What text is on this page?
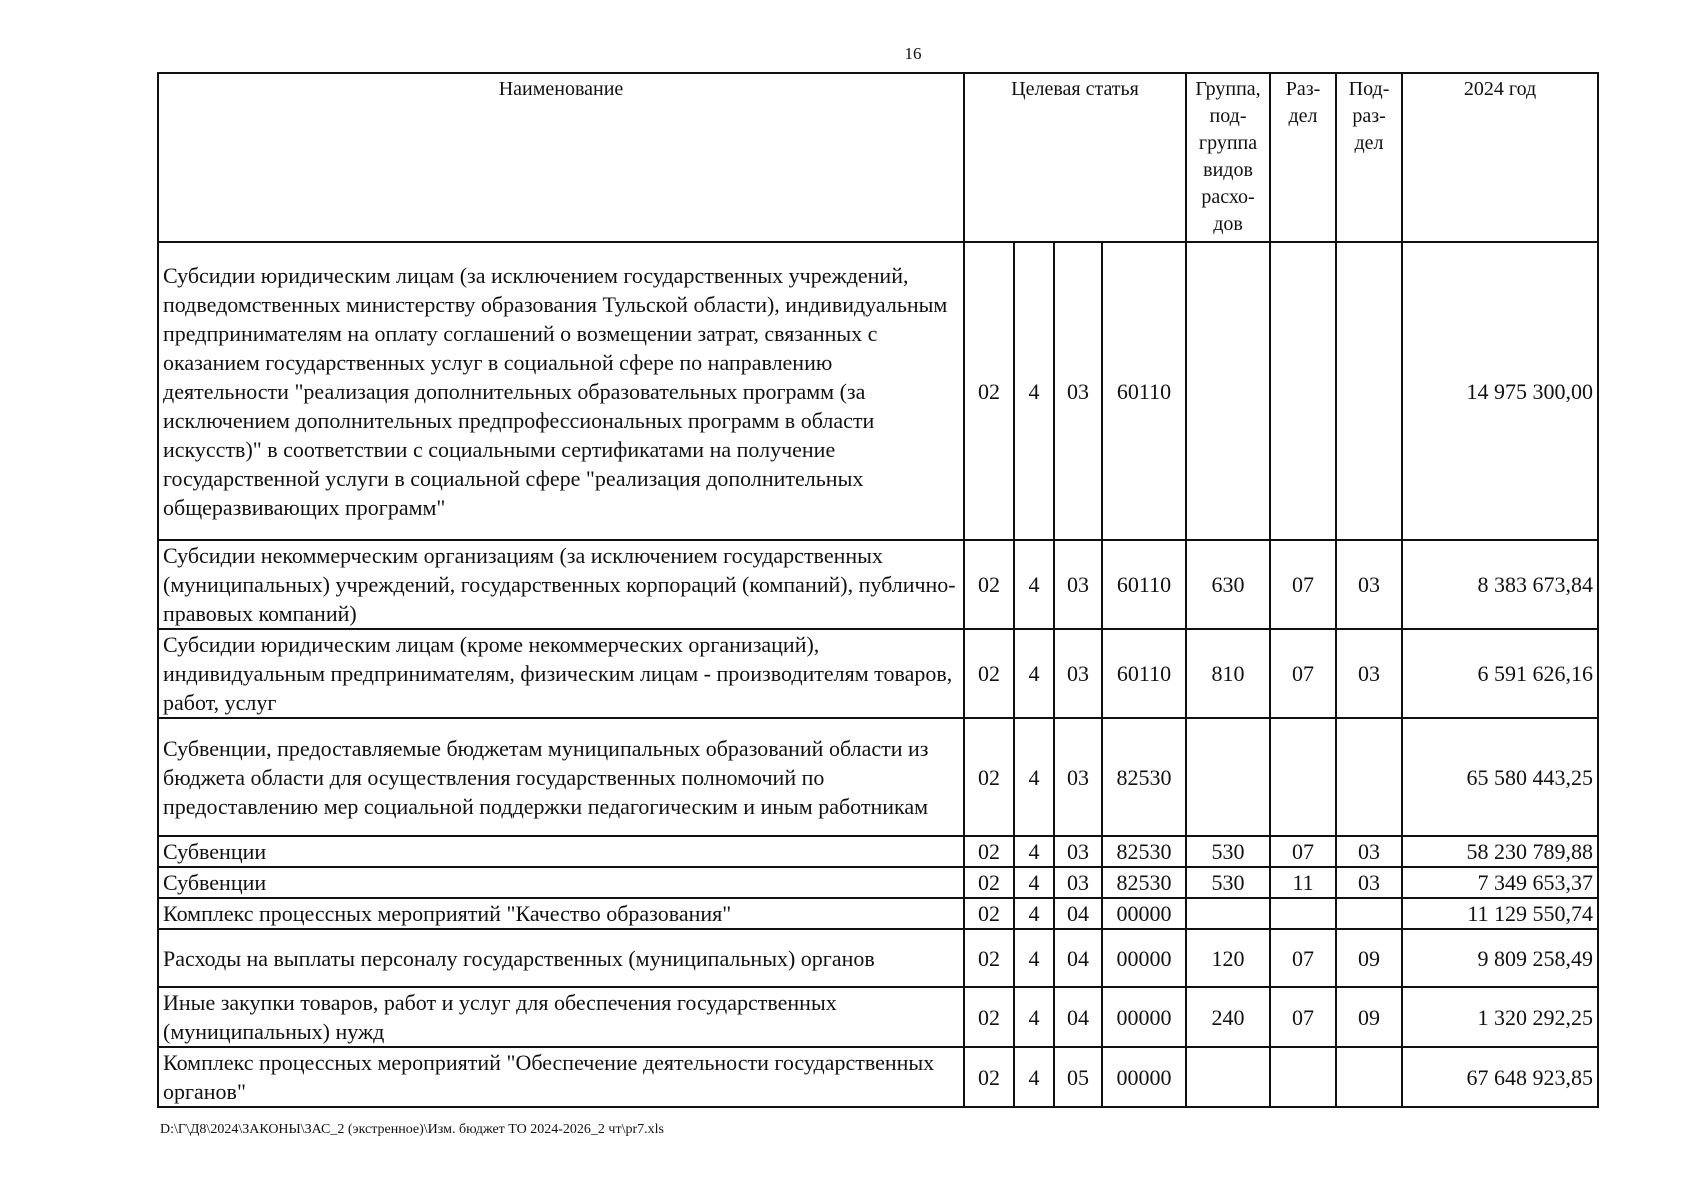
16
Наименование	Целевая статья				Группа, под- группа видов расхо- дов	Раз- дел	Под- раз- дел	2024 год
Субсидии юридическим лицам (за исключением государственных учреждений, подведомственных министерству образования Тульской области), индивидуальным предпринимателям на оплату соглашений о возмещении затрат, связанных с оказанием государственных услуг в социальной сфере по направлению деятельности "реализация дополнительных образовательных программ (за исключением дополнительных предпрофессиональных программ в области искусств)" в соответствии с социальными сертификатами на получение государственной услуги в социальной сфере "реализация дополнительных общеразвивающих программ"	02	4	03	60110				14 975 300,00
Субсидии некоммерческим организациям (за исключением государственных (муниципальных) учреждений, государственных корпораций (компаний), публично-правовых компаний)	02	4	03	60110	630	07	03	8 383 673,84
Субсидии юридическим лицам (кроме некоммерческих организаций), индивидуальным предпринимателям, физическим лицам - производителям товаров, работ, услуг	02	4	03	60110	810	07	03	6 591 626,16
Субвенции, предоставляемые бюджетам муниципальных образований области из бюджета области для осуществления государственных полномочий по предоставлению мер социальной поддержки педагогическим и иным работникам	02	4	03	82530				65 580 443,25
Субвенции	02	4	03	82530	530	07	03	58 230 789,88
Субвенции	02	4	03	82530	530	11	03	7 349 653,37
Комплекс процессных мероприятий "Качество образования"	02	4	04	00000				11 129 550,74
Расходы на выплаты персоналу государственных (муниципальных) органов	02	4	04	00000	120	07	09	9 809 258,49
Иные закупки товаров, работ и услуг для обеспечения государственных (муниципальных) нужд	02	4	04	00000	240	07	09	1 320 292,25
Комплекс процессных мероприятий "Обеспечение деятельности государственных органов"	02	4	05	00000				67 648 923,85
D:\Г\Д8\2024\ЗАКОНЫ\ЗАС_2 (экстренное)\Изм. бюджет ТО 2024-2026_2 чт\pr7.xls
